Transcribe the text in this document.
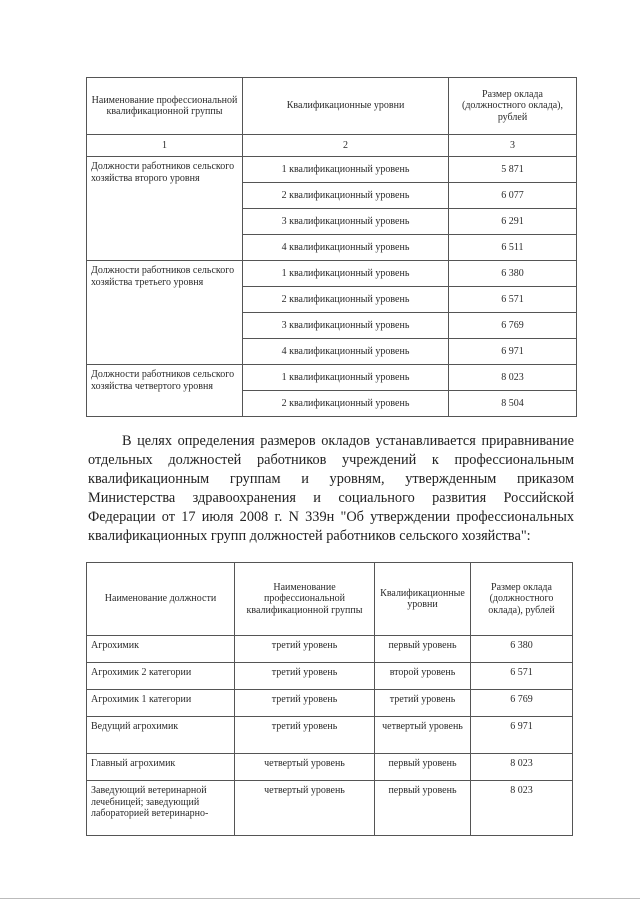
Наименование профессиональной квалификационной группы	Квалификационные уровни	Размер оклада (должностного оклада), рублей
1	2	3
Должности работников сельского хозяйства второго уровня	1 квалификационный уровень	5 871
	2 квалификационный уровень	6 077
	3 квалификационный уровень	6 291
	4 квалификационный уровень	6 511
Должности работников сельского хозяйства третьего уровня	1 квалификационный уровень	6 380
	2 квалификационный уровень	6 571
	3 квалификационный уровень	6 769
	4 квалификационный уровень	6 971
Должности работников сельского хозяйства четвертого уровня	1 квалификационный уровень	8 023
	2 квалификационный уровень	8 504
В целях определения размеров окладов устанавливается приравнивание отдельных должностей работников учреждений к профессиональным квалификационным группам и уровням, утвержденным приказом Министерства здравоохранения и социального развития Российской Федерации от 17 июля 2008 г. N 339н "Об утверждении профессиональных квалификационных групп должностей работников сельского хозяйства":
Наименование должности	Наименование профессиональной квалификационной группы	Квалификационные уровни	Размер оклада (должностного оклада), рублей
Агрохимик	третий уровень	первый уровень	6 380
Агрохимик 2 категории	третий уровень	второй уровень	6 571
Агрохимик 1 категории	третий уровень	третий уровень	6 769
Ведущий агрохимик	третий уровень	четвертый уровень	6 971
Главный агрохимик	четвертый уровень	первый уровень	8 023
Заведующий ветеринарной лечебницей; заведующий лабораторией ветеринарно-	четвертый уровень	первый уровень	8 023
